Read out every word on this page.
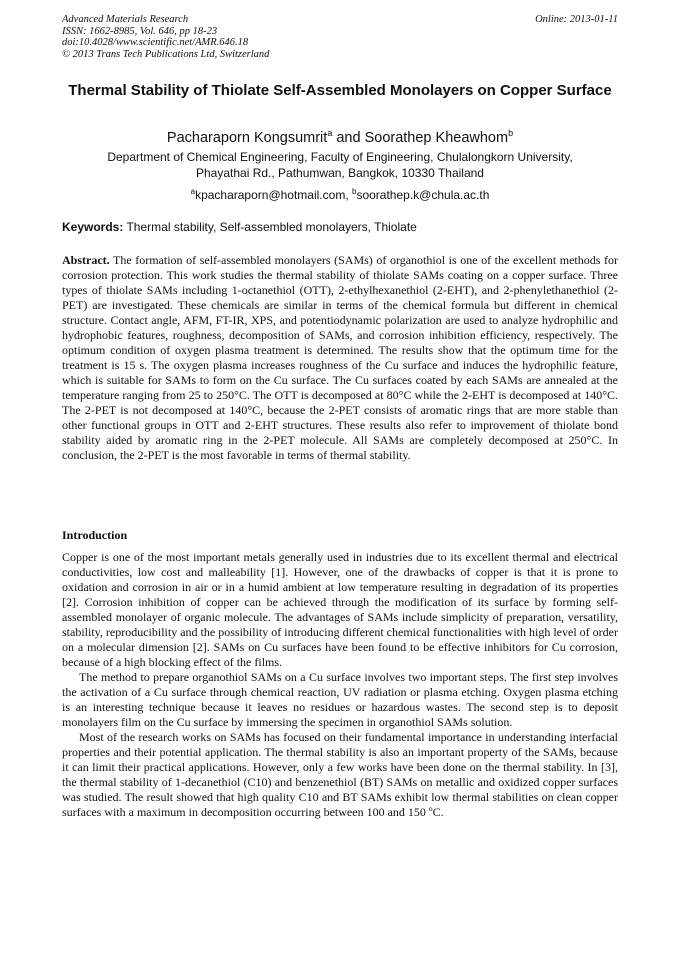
Advanced Materials Research
ISSN: 1662-8985, Vol. 646, pp 18-23
doi:10.4028/www.scientific.net/AMR.646.18
© 2013 Trans Tech Publications Ltd, Switzerland
Online: 2013-01-11
Thermal Stability of Thiolate Self-Assembled Monolayers on Copper Surface
Pacharaporn Kongsumrit$^a$ and Soorathep Kheawhom$^b$
Department of Chemical Engineering, Faculty of Engineering, Chulalongkorn University,
Phayathai Rd., Pathumwan, Bangkok, 10330 Thailand
$^a$kpacharaporn@hotmail.com, $^b$soorathep.k@chula.ac.th
Keywords: Thermal stability, Self-assembled monolayers, Thiolate

Abstract. The formation of self-assembled monolayers (SAMs) of organothiol is one of the excellent methods for corrosion protection. This work studies the thermal stability of thiolate SAMs coating on a copper surface. Three types of thiolate SAMs including 1-octanethiol (OTT), 2-ethylhexanethiol (2-EHT), and 2-phenylethanethiol (2-PET) are investigated. These chemicals are similar in terms of the chemical formula but different in chemical structure. Contact angle, AFM, FT-IR, XPS, and potentiodynamic polarization are used to analyze hydrophilic and hydrophobic features, roughness, decomposition of SAMs, and corrosion inhibition efficiency, respectively. The optimum condition of oxygen plasma treatment is determined. The results show that the optimum time for the treatment is 15 s. The oxygen plasma increases roughness of the Cu surface and induces the hydrophilic feature, which is suitable for SAMs to form on the Cu surface. The Cu surfaces coated by each SAMs are annealed at the temperature ranging from 25 to 250°C. The OTT is decomposed at 80°C while the 2-EHT is decomposed at 140°C. The 2-PET is not decomposed at 140°C, because the 2-PET consists of aromatic rings that are more stable than other functional groups in OTT and 2-EHT structures. These results also refer to improvement of thiolate bond stability aided by aromatic ring in the 2-PET molecule. All SAMs are completely decomposed at 250°C. In conclusion, the 2-PET is the most favorable in terms of thermal stability.

Introduction

Copper is one of the most important metals generally used in industries due to its excellent thermal and electrical conductivities, low cost and malleability [1]. However, one of the drawbacks of copper is that it is prone to oxidation and corrosion in air or in a humid ambient at low temperature resulting in degradation of its properties [2]. Corrosion inhibition of copper can be achieved through the modification of its surface by forming self-assembled monolayer of organic molecule. The advantages of SAMs include simplicity of preparation, versatility, stability, reproducibility and the possibility of introducing different chemical functionalities with high level of order on a molecular dimension [2]. SAMs on Cu surfaces have been found to be effective inhibitors for Cu corrosion, because of a high blocking effect of the films.

The method to prepare organothiol SAMs on a Cu surface involves two important steps. The first step involves the activation of a Cu surface through chemical reaction, UV radiation or plasma etching. Oxygen plasma etching is an interesting technique because it leaves no residues or hazardous wastes. The second step is to deposit monolayers film on the Cu surface by immersing the specimen in organothiol SAMs solution.

Most of the research works on SAMs has focused on their fundamental importance in understanding interfacial properties and their potential application. The thermal stability is also an important property of the SAMs, because it can limit their practical applications. However, only a few works have been done on the thermal stability. In [3], the thermal stability of 1-decanethiol (C10) and benzenethiol (BT) SAMs on metallic and oxidized copper surfaces was studied. The result showed that high quality C10 and BT SAMs exhibit low thermal stabilities on clean copper surfaces with a maximum in decomposition occurring between 100 and 150 ºC.
